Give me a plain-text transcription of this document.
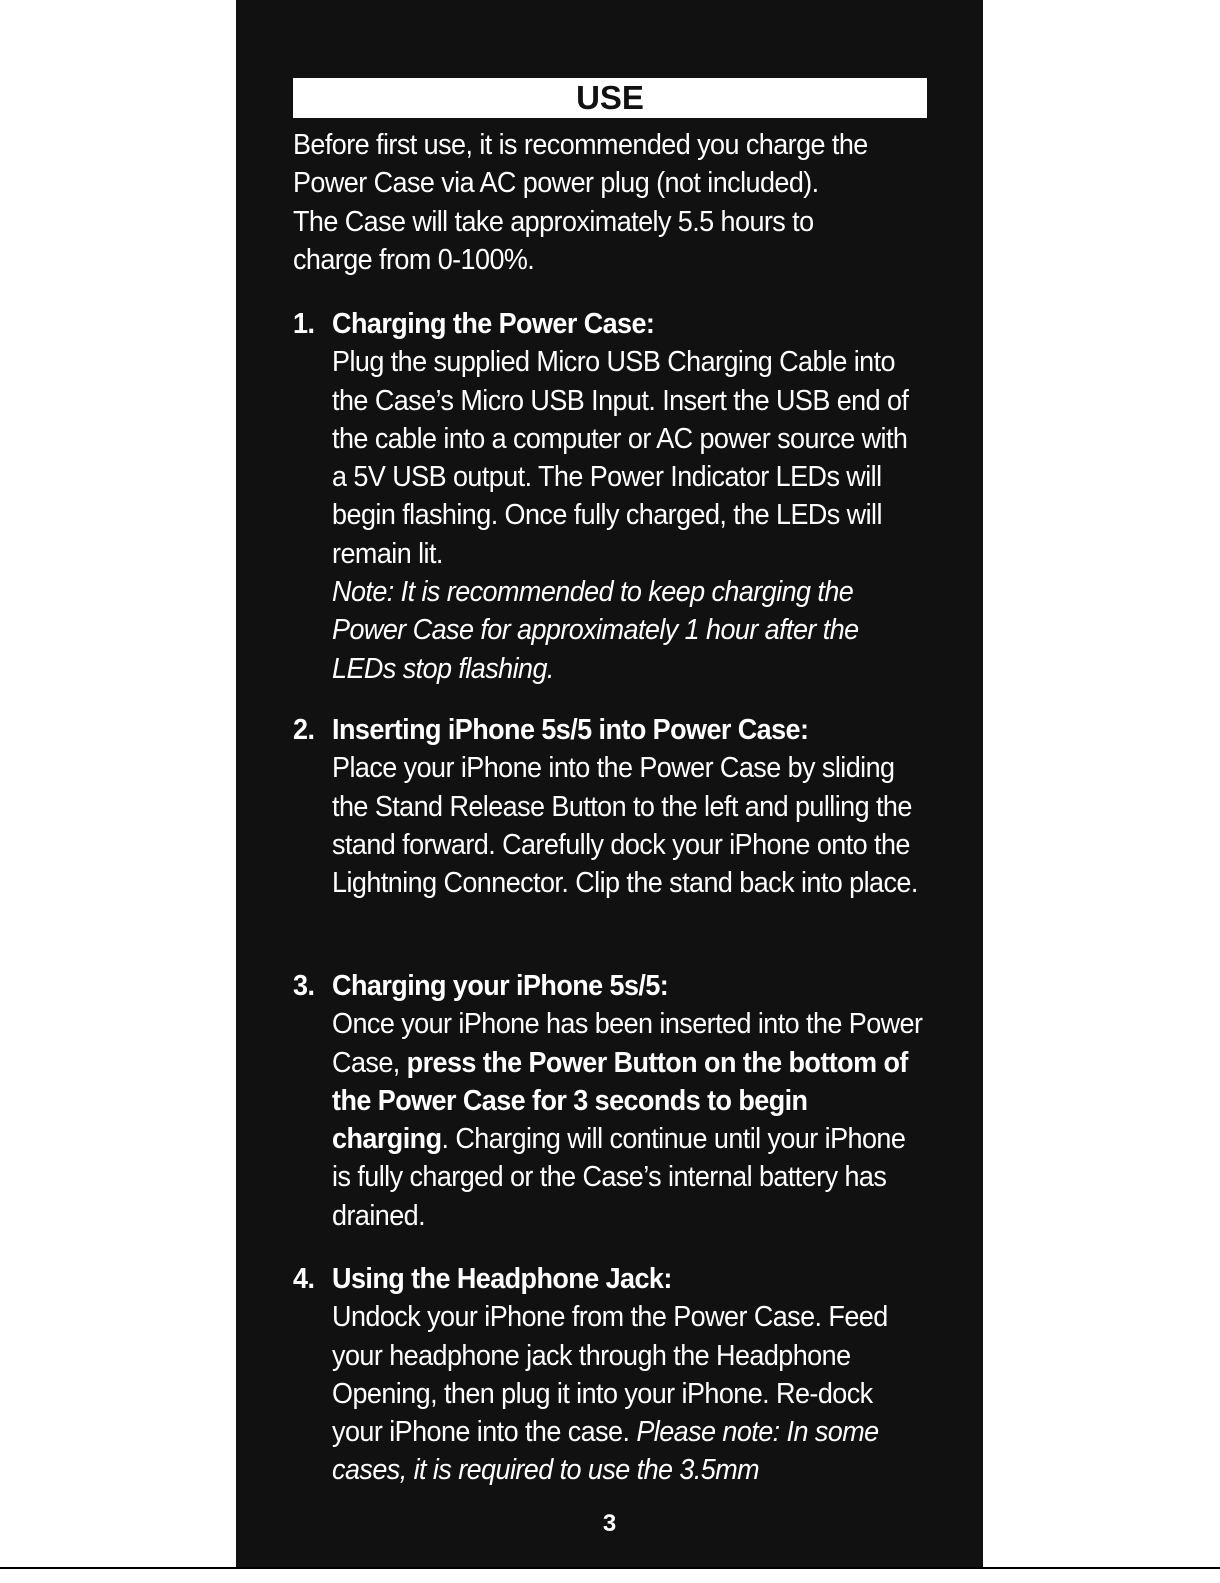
USE
Before first use, it is recommended you charge the Power Case via AC power plug (not included). The Case will take approximately 5.5 hours to charge from 0-100%.
1. Charging the Power Case:
Plug the supplied Micro USB Charging Cable into the Case’s Micro USB Input. Insert the USB end of the cable into a computer or AC power source with a 5V USB output. The Power Indicator LEDs will begin flashing. Once fully charged, the LEDs will remain lit.
Note: It is recommended to keep charging the Power Case for approximately 1 hour after the LEDs stop flashing.
2. Inserting iPhone 5s/5 into Power Case:
Place your iPhone into the Power Case by sliding the Stand Release Button to the left and pulling the stand forward. Carefully dock your iPhone onto the Lightning Connector. Clip the stand back into place.
3. Charging your iPhone 5s/5:
Once your iPhone has been inserted into the Power Case, press the Power Button on the bottom of the Power Case for 3 seconds to begin charging. Charging will continue until your iPhone is fully charged or the Case’s internal battery has drained.
4. Using the Headphone Jack:
Undock your iPhone from the Power Case. Feed your headphone jack through the Headphone Opening, then plug it into your iPhone. Re-dock your iPhone into the case. Please note: In some cases, it is required to use the 3.5mm
3
